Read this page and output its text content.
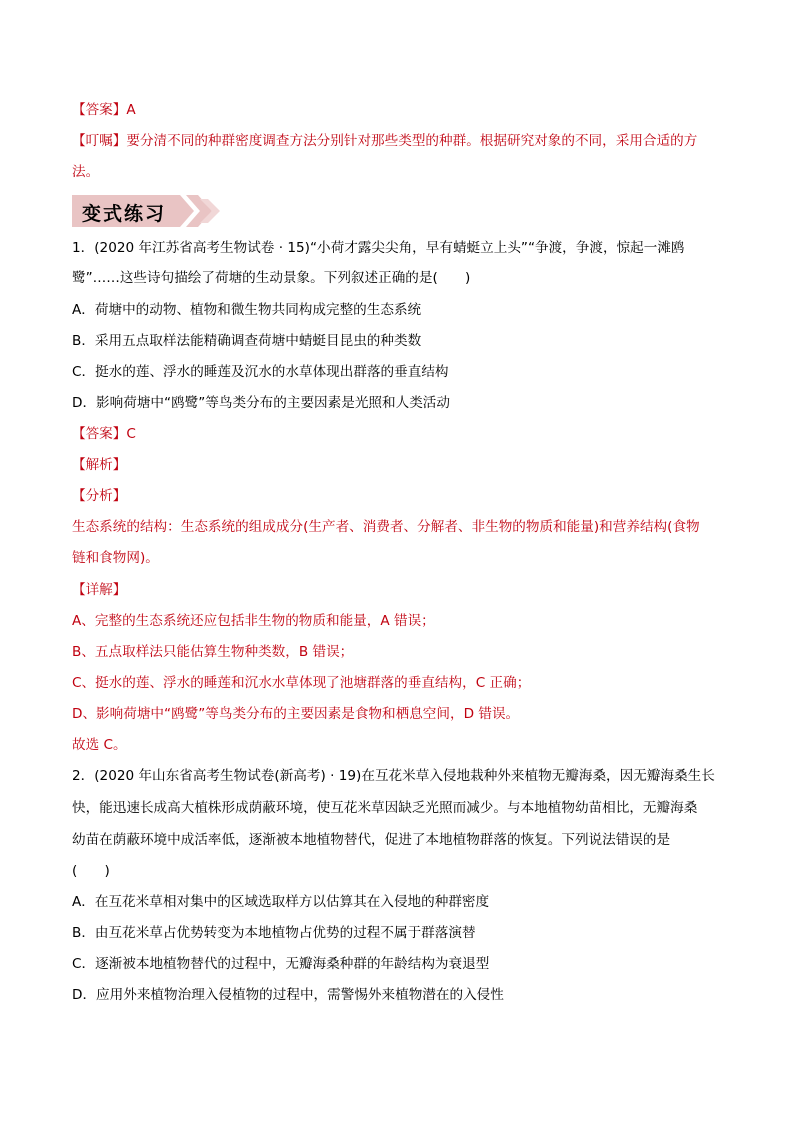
【答案】A
【叮嘱】要分清不同的种群密度调查方法分别针对那些类型的种群。根据研究对象的不同，采用合适的方
法。
变式练习
1．(2020 年江苏省高考生物试卷 · 15)“小荷才露尖尖角，早有蜻蜓立上头”“争渡，争渡，惊起一滩鸥
鹭”……这些诗句描绘了荷塘的生动景象。下列叙述正确的是(　　)
A．荷塘中的动物、植物和微生物共同构成完整的生态系统
B．采用五点取样法能精确调查荷塘中蜻蜓目昆虫的种类数
C．挺水的莲、浮水的睡莲及沉水的水草体现出群落的垂直结构
D．影响荷塘中“鸥鹭”等鸟类分布的主要因素是光照和人类活动
【答案】C
【解析】
【分析】
生态系统的结构：生态系统的组成成分(生产者、消费者、分解者、非生物的物质和能量)和营养结构(食物
链和食物网)。
【详解】
A、完整的生态系统还应包括非生物的物质和能量，A 错误；
B、五点取样法只能估算生物种类数，B 错误；
C、挺水的莲、浮水的睡莲和沉水水草体现了池塘群落的垂直结构，C 正确；
D、影响荷塘中“鸥鹭”等鸟类分布的主要因素是食物和栖息空间，D 错误。
故选 C。
2．(2020 年山东省高考生物试卷(新高考) · 19)在互花米草入侵地栽种外来植物无瓣海桑，因无瓣海桑生长
快，能迅速长成高大植株形成荫蔽环境，使互花米草因缺乏光照而减少。与本地植物幼苗相比，无瓣海桑
幼苗在荫蔽环境中成活率低，逐渐被本地植物替代，促进了本地植物群落的恢复。下列说法错误的是
(　　)
A．在互花米草相对集中的区域选取样方以估算其在入侵地的种群密度
B．由互花米草占优势转变为本地植物占优势的过程不属于群落演替
C．逐渐被本地植物替代的过程中，无瓣海桑种群的年龄结构为衰退型
D．应用外来植物治理入侵植物的过程中，需警惕外来植物潜在的入侵性
